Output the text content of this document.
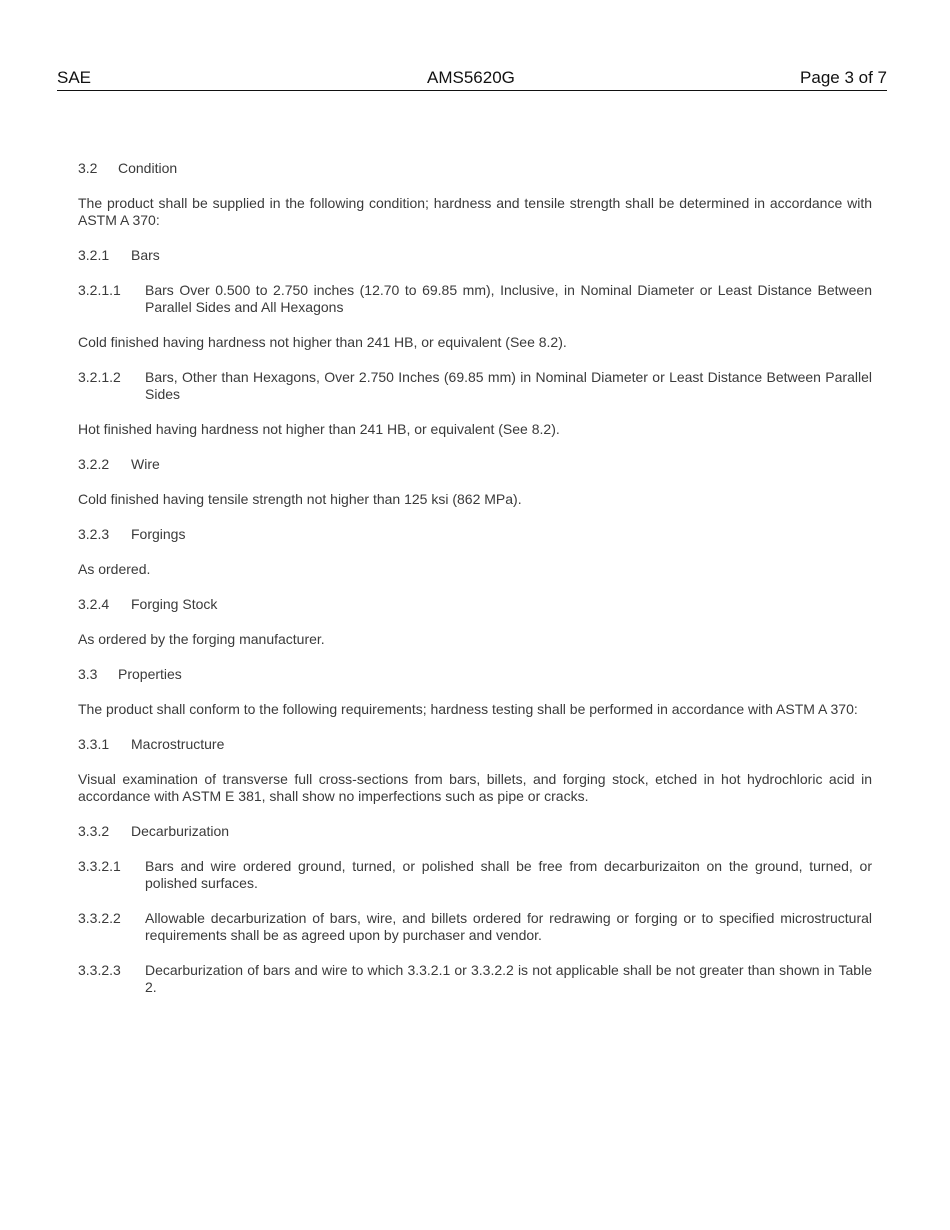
SAE	AMS5620G	Page 3 of 7
3.2	Condition
The product shall be supplied in the following condition; hardness and tensile strength shall be determined in accordance with ASTM A 370:
3.2.1	Bars
3.2.1.1	Bars Over 0.500 to 2.750 inches (12.70 to 69.85 mm), Inclusive, in Nominal Diameter or Least Distance Between Parallel Sides and All Hexagons
Cold finished having hardness not higher than 241 HB, or equivalent (See 8.2).
3.2.1.2	Bars, Other than Hexagons, Over 2.750 Inches (69.85 mm) in Nominal Diameter or Least Distance Between Parallel Sides
Hot finished having hardness not higher than 241 HB, or equivalent (See 8.2).
3.2.2	Wire
Cold finished having tensile strength not higher than 125 ksi (862 MPa).
3.2.3	Forgings
As ordered.
3.2.4	Forging Stock
As ordered by the forging manufacturer.
3.3	Properties
The product shall conform to the following requirements; hardness testing shall be performed in accordance with ASTM A 370:
3.3.1	Macrostructure
Visual examination of transverse full cross-sections from bars, billets, and forging stock, etched in hot hydrochloric acid in accordance with ASTM E 381, shall show no imperfections such as pipe or cracks.
3.3.2	Decarburization
3.3.2.1	Bars and wire ordered ground, turned, or polished shall be free from decarburizaiton on the ground, turned, or polished surfaces.
3.3.2.2	Allowable decarburization of bars, wire, and billets ordered for redrawing or forging or to specified microstructural requirements shall be as agreed upon by purchaser and vendor.
3.3.2.3	Decarburization of bars and wire to which 3.3.2.1 or 3.3.2.2 is not applicable shall be not greater than shown in Table 2.
